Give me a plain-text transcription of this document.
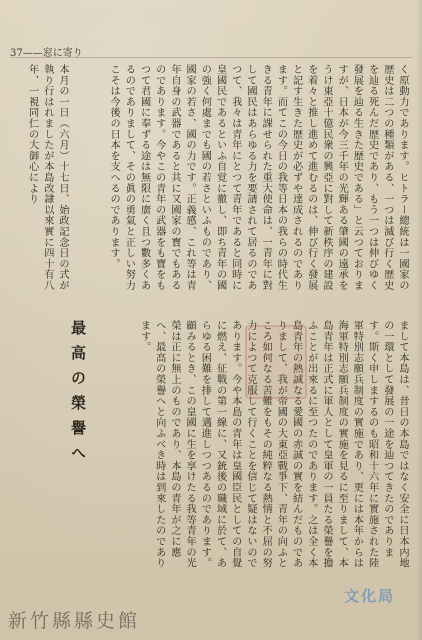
37——窓に寄り

く原動力であります。ヒトラー總統は一國家の歴史は二つの種類がある、一つは滅び行く歴史を辿る死んだ歴史であり、もう一つは伸びゆく發展を辿る生きた歴史である」と云つておりますが、日本が今三千年の光輝ある肇國の遠承をうけ東亞十億民衆の興亞に對して新秩序の建設を着々と推し進めて進むるのは、伸び行く發展と記す生きた歴史が必ずや達成されるのであります。而てこの今日の我等日本の我らの時代生きる青年に課せられた重大使命は、一青年に對して國民はあらゆる力を要請されて居るのであつて、我々は青年にとつて青年であると同時に皇國民であるといふ自覚に徹し、即ち青年の國の強く何處までも國の若さといふものであり、國家の若さ、國の力です。正義感、これ等は青年自身の武器であると共に又國家の寳でもあるのであります。今やこの青年の武器をも寶をもつて君國に奉ずる途は無限に廣く且つ數多くあるのでありまして、その眞の勇氣と正しい努力こそは今後の日本を支へるのであります。

本月の一日（六月）十七日、始政記念日の式が執り行はれましたが本島改隷以來實に四十有八年、一視同仁の大御心により

最高の榮譽へ	まして本島は、昔日の本島ではなく安全に日本内地の一環として發展の一途を辿つてきたのであります。斯く申しまするのも昭和十六年に實施された陸軍特別志願兵制度の實施であり、更には本年からは海軍特別志願兵制度の實施を見るに至りまして、本島青年は正式に軍人として皇軍の一員たる榮譽を擔ふことが出來るに至つたのであります。之は全く本島青年の熱誠なる愛國の赤誠の實を結んだものでありまして、我が帝國の大東亞戰爭下、青年の向ふところ如何なる苦難をもその純粹なる熱情と不屈の努力によつて克服して行くことを信じて疑はないのであります。今や本島の青年は皇國臣民としての自覺に燃え、征戰の第一線に、又銃後の職域に於て、あらゆる困難を排して邁進しつつあるのであります。顧みるとき、この皇國に生を享けたる我等青年の光榮は正に無上のものであり、本島の青年が之に應へ、最高の榮譽へと向ふべき時は到來したのであります。

文化局
新竹縣縣史館
